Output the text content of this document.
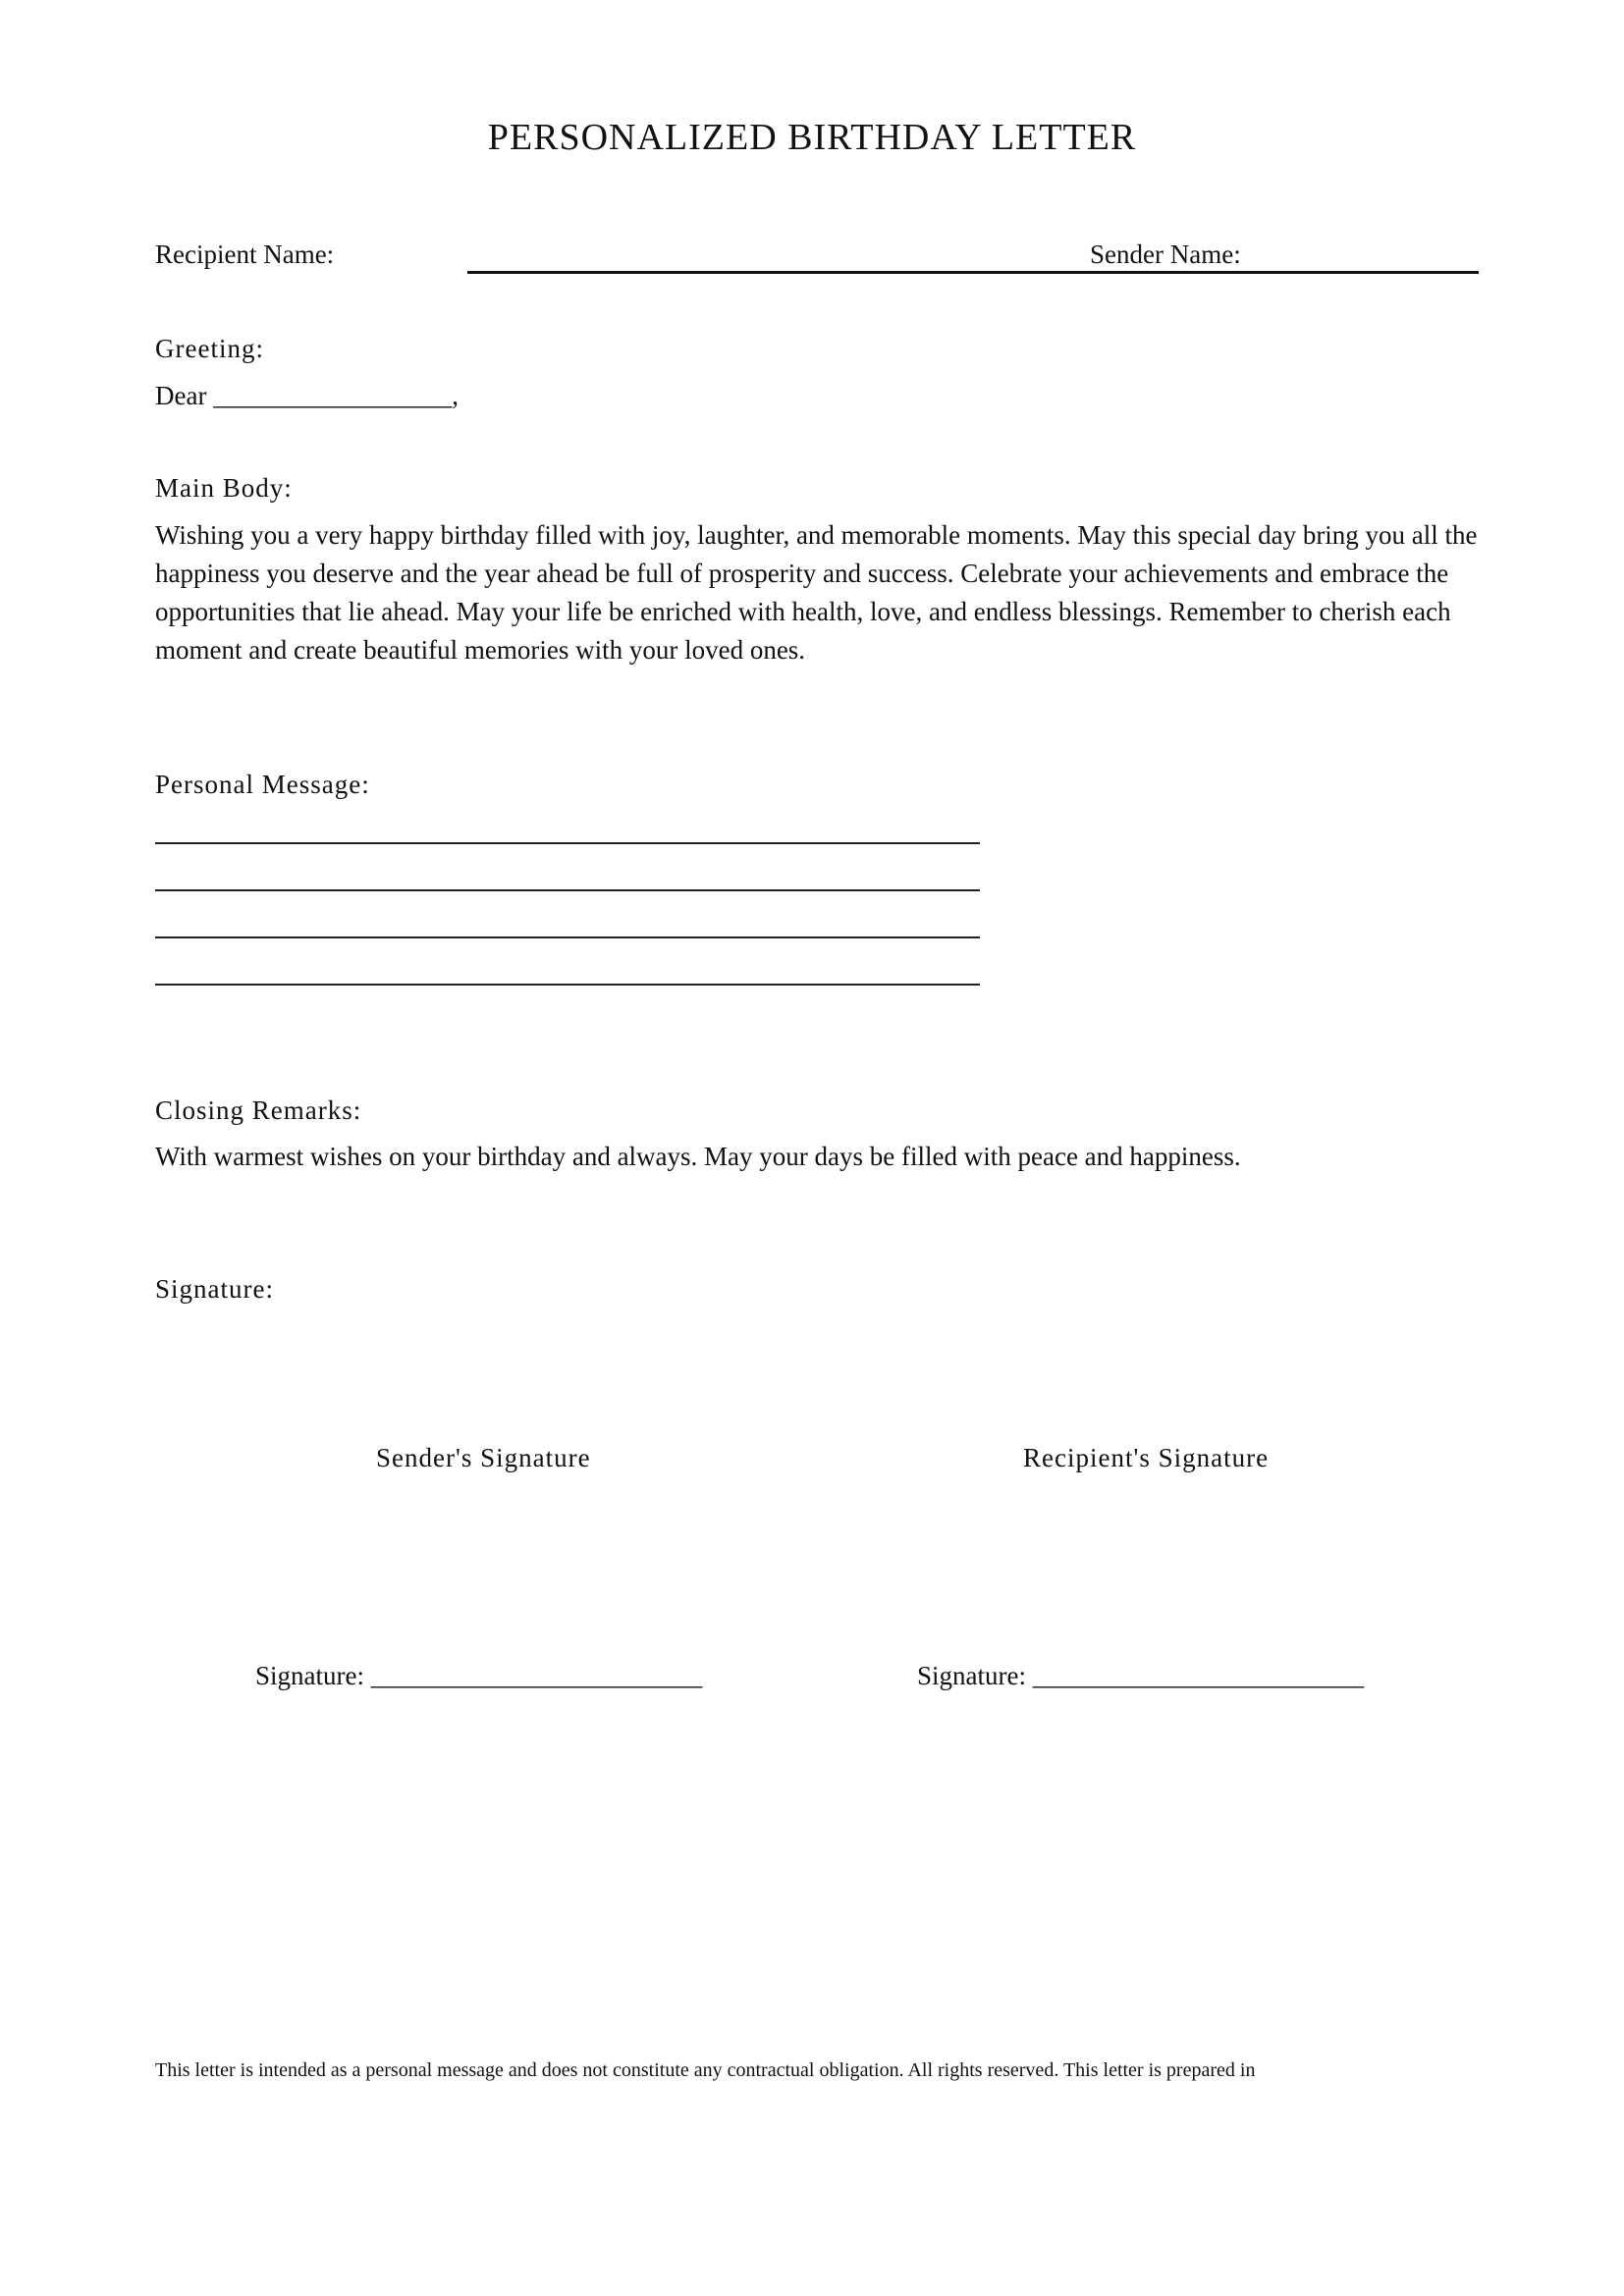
PERSONALIZED BIRTHDAY LETTER
Recipient Name:	Sender Name:
Greeting:
Dear __________________,
Main Body:
Wishing you a very happy birthday filled with joy, laughter, and memorable moments. May this special day bring you all the happiness you deserve and the year ahead be full of prosperity and success. Celebrate your achievements and embrace the opportunities that lie ahead. May your life be enriched with health, love, and endless blessings. Remember to cherish each moment and create beautiful memories with your loved ones.
Personal Message:
Closing Remarks:
With warmest wishes on your birthday and always. May your days be filled with peace and happiness.
Signature:
Sender's Signature	Recipient's Signature
Signature: _________________________	Signature: _________________________
This letter is intended as a personal message and does not constitute any contractual obligation. All rights reserved. This letter is prepared in
